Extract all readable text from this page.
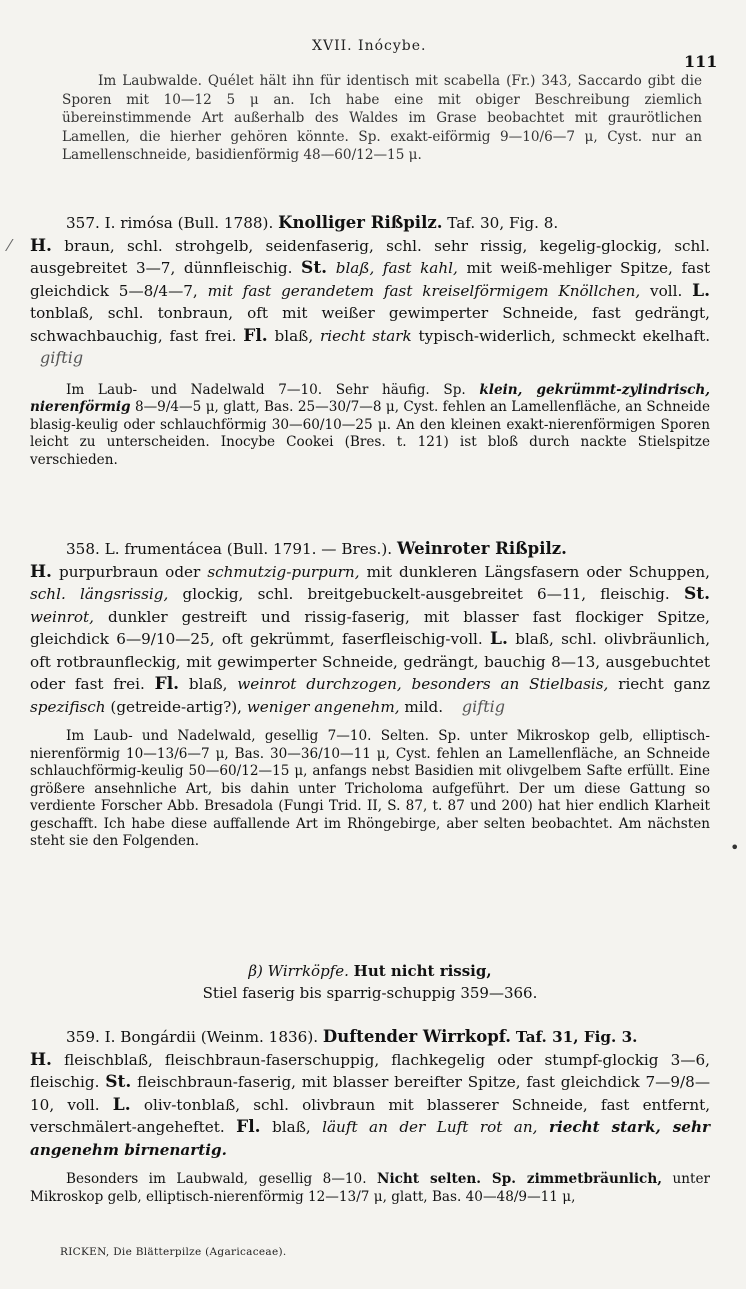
XVII. Inócybe.
111

Im Laubwalde. Quélet hält ihn für identisch mit scabella (Fr.) 343, Saccardo gibt die Sporen mit 10—12 5 μ an. Ich habe eine mit obiger Beschreibung ziemlich übereinstimmende Art außerhalb des Waldes im Grase beobachtet mit graurötlichen Lamellen, die hierher gehören könnte. Sp. exakt-eiförmig 9—10/6—7 μ, Cyst. nur an Lamellenschneide, basidienförmig 48—60/12—15 μ.

⁄

357. I. rimósa (Bull. 1788). Knolliger Rißpilz. Taf. 30, Fig. 8.
H. braun, schl. strohgelb, seidenfaserig, schl. sehr rissig, kegelig-glockig, schl. ausgebreitet 3—7, dünnfleischig. St. blaß, fast kahl, mit weiß-mehliger Spitze, fast gleichdick 5—8/4—7, mit fast gerandetem fast kreiselförmigem Knöllchen, voll. L. tonblaß, schl. tonbraun, oft mit weißer gewimperter Schneide, fast gedrängt, schwachbauchig, fast frei. Fl. blaß, riecht stark typisch-widerlich, schmeckt ekelhaft. giftig

Im Laub- und Nadelwald 7—10. Sehr häufig. Sp. klein, gekrümmt-zylindrisch, nierenförmig 8—9/4—5 μ, glatt, Bas. 25—30/7—8 μ, Cyst. fehlen an Lamellenfläche, an Schneide blasig-keulig oder schlauchförmig 30—60/10—25 μ. An den kleinen exakt-nierenförmigen Sporen leicht zu unterscheiden. Inocybe Cookei (Bres. t. 121) ist bloß durch nackte Stielspitze verschieden.

358. L. frumentácea (Bull. 1791. — Bres.). Weinroter Rißpilz.
H. purpurbraun oder schmutzig-purpurn, mit dunkleren Längsfasern oder Schuppen, schl. längsrissig, glockig, schl. breitgebuckelt-ausgebreitet 6—11, fleischig. St. weinrot, dunkler gestreift und rissig-faserig, mit blasser fast flockiger Spitze, gleichdick 6—9/10—25, oft gekrümmt, faserfleischig-voll. L. blaß, schl. olivbräunlich, oft rotbraunfleckig, mit gewimperter Schneide, gedrängt, bauchig 8—13, ausgebuchtet oder fast frei. Fl. blaß, weinrot durchzogen, besonders an Stielbasis, riecht ganz spezifisch (getreide-artig?), weniger angenehm, mild. giftig

•

Im Laub- und Nadelwald, gesellig 7—10. Selten. Sp. unter Mikroskop gelb, elliptisch-nierenförmig 10—13/6—7 μ, Bas. 30—36/10—11 μ, Cyst. fehlen an Lamellenfläche, an Schneide schlauchförmig-keulig 50—60/12—15 μ, anfangs nebst Basidien mit olivgelbem Safte erfüllt. Eine größere ansehnliche Art, bis dahin unter Tricholoma aufgeführt. Der um diese Gattung so verdiente Forscher Abb. Bresadola (Fungi Trid. II, S. 87, t. 87 und 200) hat hier endlich Klarheit geschafft. Ich habe diese auffallende Art im Rhöngebirge, aber selten beobachtet. Am nächsten steht sie den Folgenden.

β) Wirrköpfe. Hut nicht rissig,
Stiel faserig bis sparrig-schuppig 359—366.

359. I. Bongárdii (Weinm. 1836). Duftender Wirrkopf. Taf. 31, Fig. 3.
H. fleischblaß, fleischbraun-faserschuppig, flachkegelig oder stumpf-glockig 3—6, fleischig. St. fleischbraun-faserig, mit blasser bereifter Spitze, fast gleichdick 7—9/8—10, voll. L. oliv-tonblaß, schl. olivbraun mit blasserer Schneide, fast entfernt, verschmälert-angeheftet. Fl. blaß, läuft an der Luft rot an, riecht stark, sehr angenehm birnenartig.

Besonders im Laubwald, gesellig 8—10. Nicht selten. Sp. zimmetbräunlich, unter Mikroskop gelb, elliptisch-nierenförmig 12—13/7 μ, glatt, Bas. 40—48/9—11 μ,

RICKEN, Die Blätterpilze (Agaricaceae).
